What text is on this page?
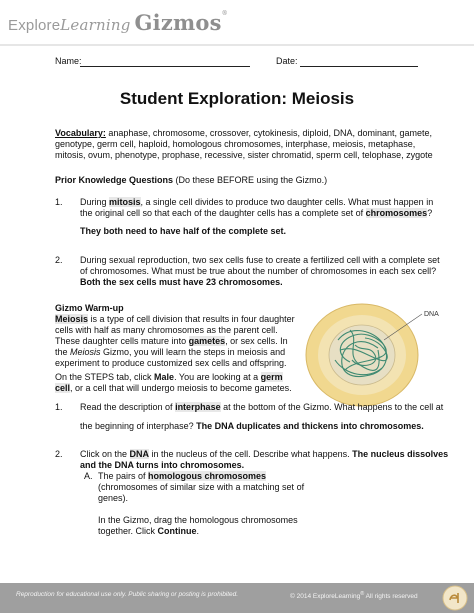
ExploreLearning Gizmos®
Name:	Date:
Student Exploration: Meiosis
Vocabulary: anaphase, chromosome, crossover, cytokinesis, diploid, DNA, dominant, gamete,
genotype, germ cell, haploid, homologous chromosomes, interphase, meiosis, metaphase,
mitosis, ovum, phenotype, prophase, recessive, sister chromatid, sperm cell, telophase, zygote
Prior Knowledge Questions (Do these BEFORE using the Gizmo.)
1. During mitosis, a single cell divides to produce two daughter cells. What must happen in
the original cell so that each of the daughter cells has a complete set of chromosomes?
They both need to have half of the complete set.
2. During sexual reproduction, two sex cells fuse to create a fertilized cell with a complete set
of chromosomes. What must be true about the number of chromosomes in each sex cell?
Both the sex cells must have 23 chromosomes.
Gizmo Warm-up
Meiosis is a type of cell division that results in four daughter
cells with half as many chromosomes as the parent cell.
These daughter cells mature into gametes, or sex cells. In
the Meiosis Gizmo, you will learn the steps in meiosis and
experiment to produce customized sex cells and offspring.
On the STEPS tab, click Male. You are looking at a germ
cell, or a cell that will undergo meiosis to become gametes.
DNA
1. Read the description of interphase at the bottom of the Gizmo. What happens to the cell at
the beginning of interphase? The DNA duplicates and thickens into chromosomes.
2. Click on the DNA in the nucleus of the cell. Describe what happens. The nucleus dissolves
and the DNA turns into chromosomes.
A. The pairs of homologous chromosomes
(chromosomes of similar size with a matching set of
genes).
In the Gizmo, drag the homologous chromosomes
together. Click Continue.
Reproduction for educational use only. Public sharing or posting is prohibited.	© 2014 ExploreLearning® All rights reserved
